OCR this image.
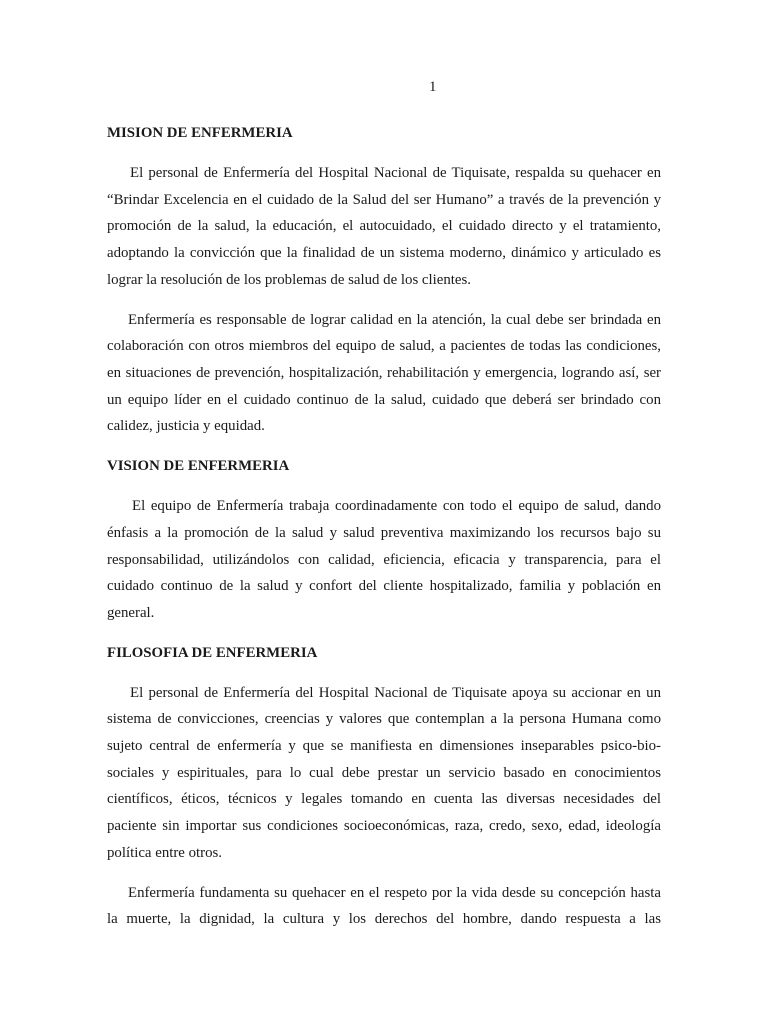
1
MISION DE ENFERMERIA
El personal de Enfermería del Hospital Nacional de Tiquisate, respalda su quehacer en
“Brindar Excelencia en el cuidado de la Salud del ser Humano” a través de la prevención y
promoción de la salud, la educación, el autocuidado, el cuidado directo y el tratamiento,
adoptando la convicción que la finalidad de un sistema moderno, dinámico y articulado es
lograr la resolución de los problemas de salud de los clientes.
Enfermería es responsable de lograr calidad en la atención, la cual debe ser brindada en
colaboración con otros miembros del equipo de salud, a pacientes de todas las condiciones,
en situaciones de prevención, hospitalización, rehabilitación y emergencia, logrando así, ser
un equipo líder en el cuidado continuo de la salud, cuidado que deberá ser brindado con
calidez, justicia y equidad.
VISION DE ENFERMERIA
El equipo de Enfermería trabaja coordinadamente con todo el equipo de salud, dando
énfasis a la promoción de la salud y salud preventiva maximizando los recursos bajo su
responsabilidad, utilizándolos con calidad, eficiencia, eficacia y transparencia, para el
cuidado continuo de la salud y confort del cliente hospitalizado, familia y población en
general.
FILOSOFIA DE ENFERMERIA
El personal de Enfermería del Hospital Nacional de Tiquisate apoya su accionar en un
sistema de convicciones, creencias y valores que contemplan a la persona Humana como
sujeto central de enfermería y que se manifiesta en dimensiones inseparables psico-bio-
sociales y espirituales, para lo cual debe prestar un servicio basado en conocimientos
científicos, éticos, técnicos y legales tomando en cuenta las diversas necesidades del
paciente sin importar sus condiciones socioeconómicas, raza, credo, sexo, edad, ideología
política entre otros.
Enfermería fundamenta su quehacer en el respeto por la vida desde su concepción hasta
la muerte, la dignidad, la cultura y los derechos del hombre, dando respuesta a las
